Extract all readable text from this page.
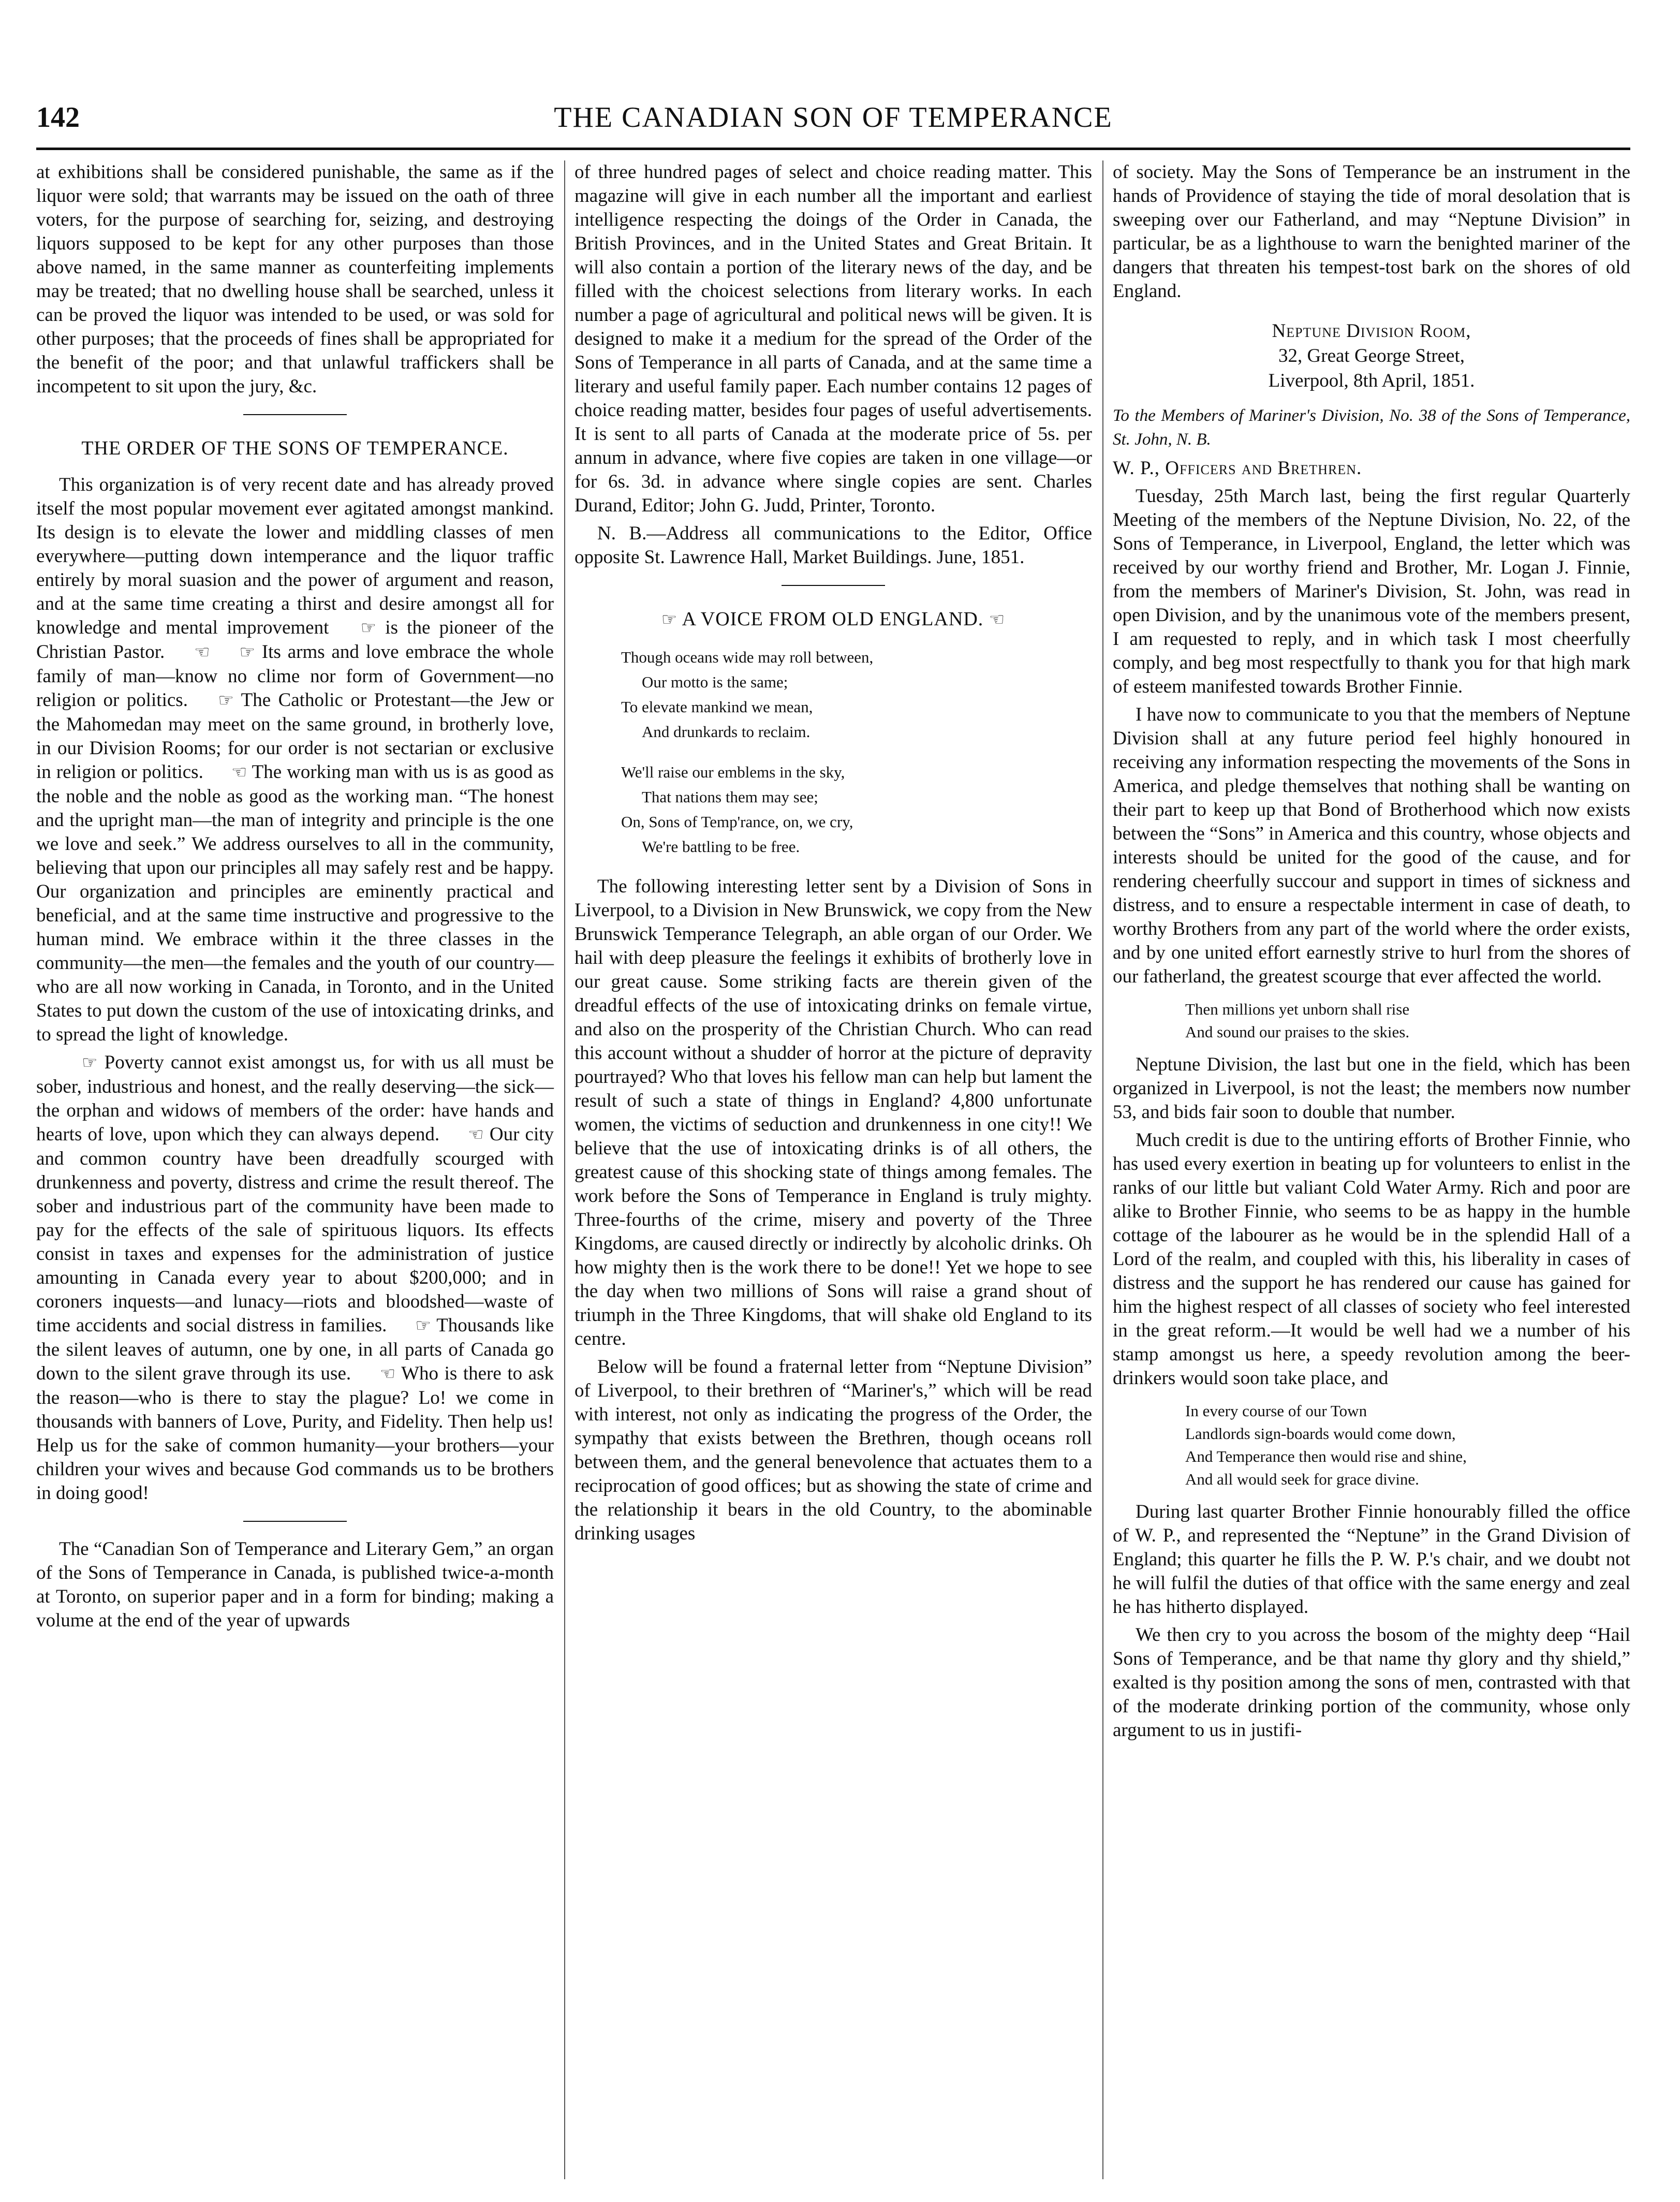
142	THE CANADIAN SON OF TEMPERANCE

at exhibitions shall be considered punishable, the same as if the liquor were sold; that warrants may be issued on the oath of three voters, for the purpose of searching for, seizing, and destroying liquors supposed to be kept for any other purposes than those above named, in the same manner as counterfeiting implements may be treated; that no dwelling house shall be searched, unless it can be proved the liquor was intended to be used, or was sold for other purposes; that the proceeds of fines shall be appropriated for the benefit of the poor; and that unlawful traffickers shall be incompetent to sit upon the jury, &c.

THE ORDER OF THE SONS OF TEMPERANCE.

This organization is of very recent date and has already proved itself the most popular movement ever agitated amongst mankind. Its design is to elevate the lower and middling classes of men everywhere—putting down intemperance and the liquor traffic entirely by moral suasion and the power of argument and reason, and at the same time creating a thirst and desire amongst all for knowledge and mental improvement ☞ is the pioneer of the Christian Pastor. ☜ ☞ Its arms and love embrace the whole family of man—know no clime nor form of Government—no religion or politics. ☞ The Catholic or Protestant—the Jew or the Mahomedan may meet on the same ground, in brotherly love, in our Division Rooms; for our order is not sectarian or exclusive in religion or politics. ☜ The working man with us is as good as the noble and the noble as good as the working man. “The honest and the upright man—the man of integrity and principle is the one we love and seek.” We address ourselves to all in the community, believing that upon our principles all may safely rest and be happy. Our organization and principles are eminently practical and beneficial, and at the same time instructive and progressive to the human mind. We embrace within it the three classes in the community—the men—the females and the youth of our country—who are all now working in Canada, in Toronto, and in the United States to put down the custom of the use of intoxicating drinks, and to spread the light of knowledge.

☞ Poverty cannot exist amongst us, for with us all must be sober, industrious and honest, and the really deserving—the sick—the orphan and widows of members of the order: have hands and hearts of love, upon which they can always depend. ☜ Our city and common country have been dreadfully scourged with drunkenness and poverty, distress and crime the result thereof. The sober and industrious part of the community have been made to pay for the effects of the sale of spirituous liquors. Its effects consist in taxes and expenses for the administration of justice amounting in Canada every year to about $200,000; and in coroners inquests—and lunacy—riots and bloodshed—waste of time accidents and social distress in families. ☞ Thousands like the silent leaves of autumn, one by one, in all parts of Canada go down to the silent grave through its use. ☜ Who is there to ask the reason—who is there to stay the plague? Lo! we come in thousands with banners of Love, Purity, and Fidelity. Then help us! Help us for the sake of common humanity—your brothers—your children your wives and because God commands us to be brothers in doing good!

The “Canadian Son of Temperance and Literary Gem,” an organ of the Sons of Temperance in Canada, is published twice-a-month at Toronto, on superior paper and in a form for binding; making a volume at the end of the year of upwards

of three hundred pages of select and choice reading matter. This magazine will give in each number all the important and earliest intelligence respecting the doings of the Order in Canada, the British Provinces, and in the United States and Great Britain. It will also contain a portion of the literary news of the day, and be filled with the choicest selections from literary works. In each number a page of agricultural and political news will be given. It is designed to make it a medium for the spread of the Order of the Sons of Temperance in all parts of Canada, and at the same time a literary and useful family paper. Each number contains 12 pages of choice reading matter, besides four pages of useful advertisements. It is sent to all parts of Canada at the moderate price of 5s. per annum in advance, where five copies are taken in one village—or for 6s. 3d. in advance where single copies are sent. Charles Durand, Editor; John G. Judd, Printer, Toronto.

N. B.—Address all communications to the Editor, Office opposite St. Lawrence Hall, Market Buildings. June, 1851.

☞ A VOICE FROM OLD ENGLAND. ☜
Though oceans wide may roll between,
Our motto is the same;
To elevate mankind we mean,
And drunkards to reclaim.
We'll raise our emblems in the sky,
That nations them may see;
On, Sons of Temp'rance, on, we cry,
We're battling to be free.

The following interesting letter sent by a Division of Sons in Liverpool, to a Division in New Brunswick, we copy from the New Brunswick Temperance Telegraph, an able organ of our Order. We hail with deep pleasure the feelings it exhibits of brotherly love in our great cause. Some striking facts are therein given of the dreadful effects of the use of intoxicating drinks on female virtue, and also on the prosperity of the Christian Church. Who can read this account without a shudder of horror at the picture of depravity pourtrayed? Who that loves his fellow man can help but lament the result of such a state of things in England? 4,800 unfortunate women, the victims of seduction and drunkenness in one city!! We believe that the use of intoxicating drinks is of all others, the greatest cause of this shocking state of things among females. The work before the Sons of Temperance in England is truly mighty. Three-fourths of the crime, misery and poverty of the Three Kingdoms, are caused directly or indirectly by alcoholic drinks. Oh how mighty then is the work there to be done!! Yet we hope to see the day when two millions of Sons will raise a grand shout of triumph in the Three Kingdoms, that will shake old England to its centre.

Below will be found a fraternal letter from “Neptune Division” of Liverpool, to their brethren of “Mariner's,” which will be read with interest, not only as indicating the progress of the Order, the sympathy that exists between the Brethren, though oceans roll between them, and the general benevolence that actuates them to a reciprocation of good offices; but as showing the state of crime and the relationship it bears in the old Country, to the abominable drinking usages

of society. May the Sons of Temperance be an instrument in the hands of Providence of staying the tide of moral desolation that is sweeping over our Fatherland, and may “Neptune Division” in particular, be as a lighthouse to warn the benighted mariner of the dangers that threaten his tempest-tost bark on the shores of old England.

Neptune Division Room,
32, Great George Street,
Liverpool, 8th April, 1851.

To the Members of Mariner's Division, No. 38 of the Sons of Temperance, St. John, N. B.

W. P., Officers and Brethren.

Tuesday, 25th March last, being the first regular Quarterly Meeting of the members of the Neptune Division, No. 22, of the Sons of Temperance, in Liverpool, England, the letter which was received by our worthy friend and Brother, Mr. Logan J. Finnie, from the members of Mariner's Division, St. John, was read in open Division, and by the unanimous vote of the members present, I am requested to reply, and in which task I most cheerfully comply, and beg most respectfully to thank you for that high mark of esteem manifested towards Brother Finnie.

I have now to communicate to you that the members of Neptune Division shall at any future period feel highly honoured in receiving any information respecting the movements of the Sons in America, and pledge themselves that nothing shall be wanting on their part to keep up that Bond of Brotherhood which now exists between the “Sons” in America and this country, whose objects and interests should be united for the good of the cause, and for rendering cheerfully succour and support in times of sickness and distress, and to ensure a respectable interment in case of death, to worthy Brothers from any part of the world where the order exists, and by one united effort earnestly strive to hurl from the shores of our fatherland, the greatest scourge that ever affected the world.

Then millions yet unborn shall rise
And sound our praises to the skies.

Neptune Division, the last but one in the field, which has been organized in Liverpool, is not the least; the members now number 53, and bids fair soon to double that number.

Much credit is due to the untiring efforts of Brother Finnie, who has used every exertion in beating up for volunteers to enlist in the ranks of our little but valiant Cold Water Army. Rich and poor are alike to Brother Finnie, who seems to be as happy in the humble cottage of the labourer as he would be in the splendid Hall of a Lord of the realm, and coupled with this, his liberality in cases of distress and the support he has rendered our cause has gained for him the highest respect of all classes of society who feel interested in the great reform.—It would be well had we a number of his stamp amongst us here, a speedy revolution among the beer-drinkers would soon take place, and

In every course of our Town
Landlords sign-boards would come down,
And Temperance then would rise and shine,
And all would seek for grace divine.

During last quarter Brother Finnie honourably filled the office of W. P., and represented the “Neptune” in the Grand Division of England; this quarter he fills the P. W. P.'s chair, and we doubt not he will fulfil the duties of that office with the same energy and zeal he has hitherto displayed.

We then cry to you across the bosom of the mighty deep “Hail Sons of Temperance, and be that name thy glory and thy shield,” exalted is thy position among the sons of men, contrasted with that of the moderate drinking portion of the community, whose only argument to us in justifi-
